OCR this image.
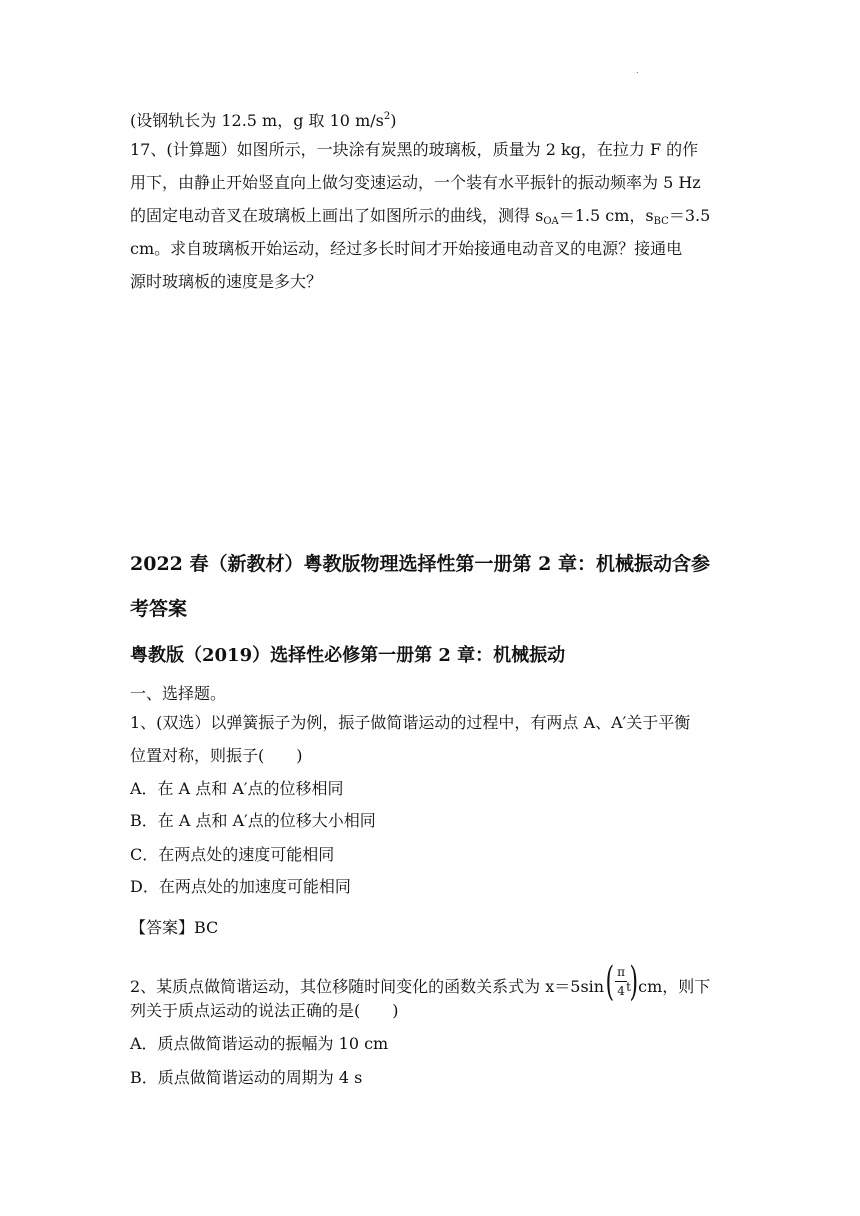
.
(设钢轨长为 12.5 m，g 取 10 $m/s^2$)
17、(计算题）如图所示，一块涂有炭黑的玻璃板，质量为 2 kg，在拉力 F 的作
用下，由静止开始竖直向上做匀变速运动，一个装有水平振针的振动频率为 5 Hz
的固定电动音叉在玻璃板上画出了如图所示的曲线，测得 $s_{OA}=1.5$ cm，$s_{BC}=3.5$
cm。求自玻璃板开始运动，经过多长时间才开始接通电动音叉的电源？接通电
源时玻璃板的速度是多大？
2022 春（新教材）粤教版物理选择性第一册第 2 章：机械振动含参
考答案
粤教版（2019）选择性必修第一册第 2 章：机械振动
一、选择题。
1、(双选）以弹簧振子为例，振子做简谐运动的过程中，有两点 A、A′关于平衡
位置对称，则振子(　　)
A．在 A 点和 A′点的位移相同
B．在 A 点和 A′点的位移大小相同
C．在两点处的速度可能相同
D．在两点处的加速度可能相同
【答案】BC
2、某质点做简谐运动，其位移随时间变化的函数关系式为 x＝5sin ( π
4 t
) cm，则下
列关于质点运动的说法正确的是(　　)
A．质点做简谐运动的振幅为 10 cm
B．质点做简谐运动的周期为 4 s
